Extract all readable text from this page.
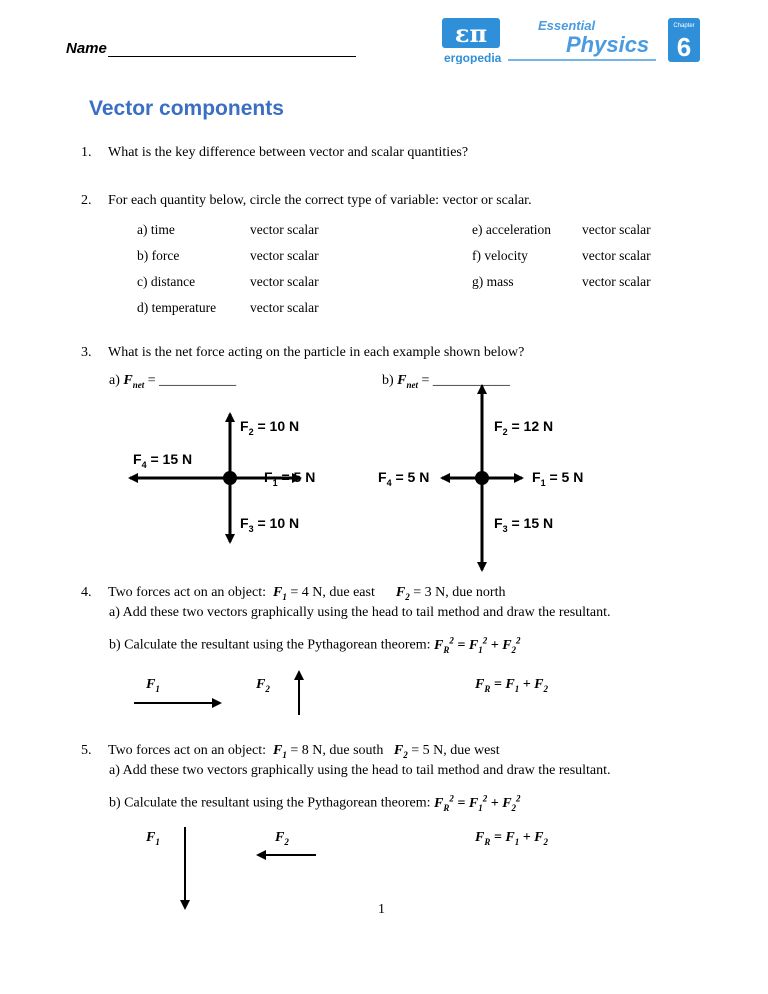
Name
επ
ergopedia
Essential
Physics
Chapter
6
Vector components
1. What is the key difference between vector and scalar quantities?
2. For each quantity below, circle the correct type of variable: vector or scalar.
a) time	vector scalar
b) force	vector scalar
c) distance	vector scalar
d) temperature	vector scalar
e) acceleration vector scalar
f) velocity	vector scalar
g) mass	vector scalar
3. What is the net force acting on the particle in each example shown below?
a) $F_{net}$ = ___________	b) $F_{net}$ = ___________
$F_2 = 10$ N
$F_4 = 15$ N
$F_1 = 5$ N
$F_3 = 10$ N
$F_2 = 12$ N
$F_4 = 5$ N	$F_1 = 5$ N
$F_3 = 15$ N
4. Two forces act on an object: $F_1 = 4$ N, due east $F_2 = 3$ N, due north
a) Add these two vectors graphically using the head to tail method and draw the resultant.
b) Calculate the resultant using the Pythagorean theorem: $F_R^2 = F_1^2 + F_2^2$
$F_1$	$F_2$	$F_R = F_1 + F_2$
5. Two forces act on an object: $F_1 = 8$ N, due south $F_2 = 5$ N, due west
a) Add these two vectors graphically using the head to tail method and draw the resultant.
b) Calculate the resultant using the Pythagorean theorem: $F_R^2 = F_1^2 + F_2^2$
$F_1$	$F_2$	$F_R = F_1 + F_2$
1
